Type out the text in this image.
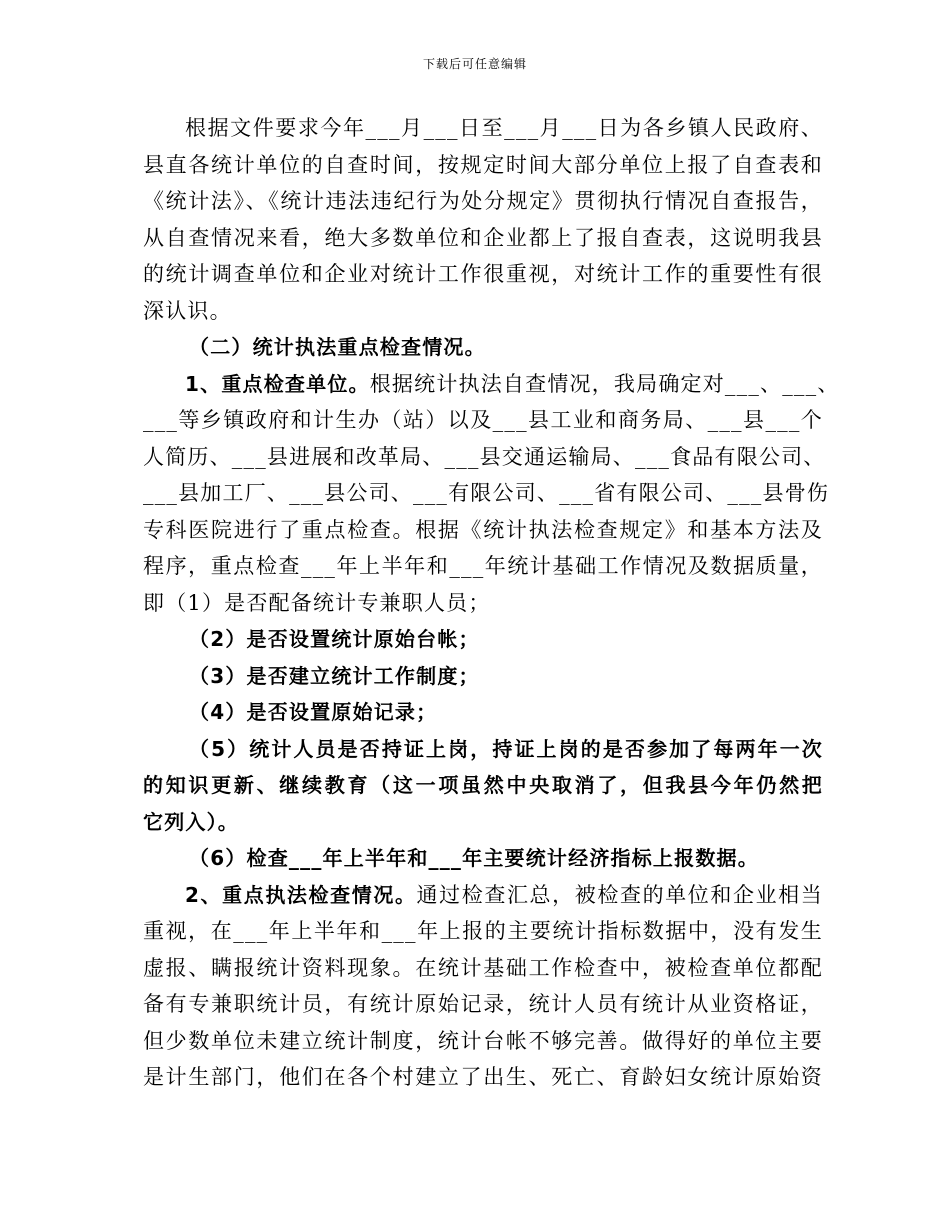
下载后可任意编辑
根据文件要求今年___月___日至___月___日为各乡镇人民政府、
县直各统计单位的自查时间，按规定时间大部分单位上报了自查表和
《统计法》、《统计违法违纪行为处分规定》贯彻执行情况自查报告，
从自查情况来看，绝大多数单位和企业都上了报自查表，这说明我县
的统计调查单位和企业对统计工作很重视，对统计工作的重要性有很
深认识。
（二）统计执法重点检查情况。
1、重点检查单位。根据统计执法自查情况，我局确定对___、___、
___等乡镇政府和计生办（站）以及___县工业和商务局、___县___个
人简历、___县进展和改革局、___县交通运输局、___食品有限公司、
___县加工厂、___县公司、___有限公司、___省有限公司、___县骨伤
专科医院进行了重点检查。根据《统计执法检查规定》和基本方法及
程序，重点检查___年上半年和___年统计基础工作情况及数据质量，
即（1）是否配备统计专兼职人员；
（2）是否设置统计原始台帐；
（3）是否建立统计工作制度；
（4）是否设置原始记录；
（5）统计人员是否持证上岗，持证上岗的是否参加了每两年一次
的知识更新、继续教育（这一项虽然中央取消了，但我县今年仍然把
它列入）。
（6）检查___年上半年和___年主要统计经济指标上报数据。
2、重点执法检查情况。通过检查汇总，被检查的单位和企业相当
重视，在___年上半年和___年上报的主要统计指标数据中，没有发生
虚报、瞒报统计资料现象。在统计基础工作检查中，被检查单位都配
备有专兼职统计员，有统计原始记录，统计人员有统计从业资格证，
但少数单位未建立统计制度，统计台帐不够完善。做得好的单位主要
是计生部门，他们在各个村建立了出生、死亡、育龄妇女统计原始资
